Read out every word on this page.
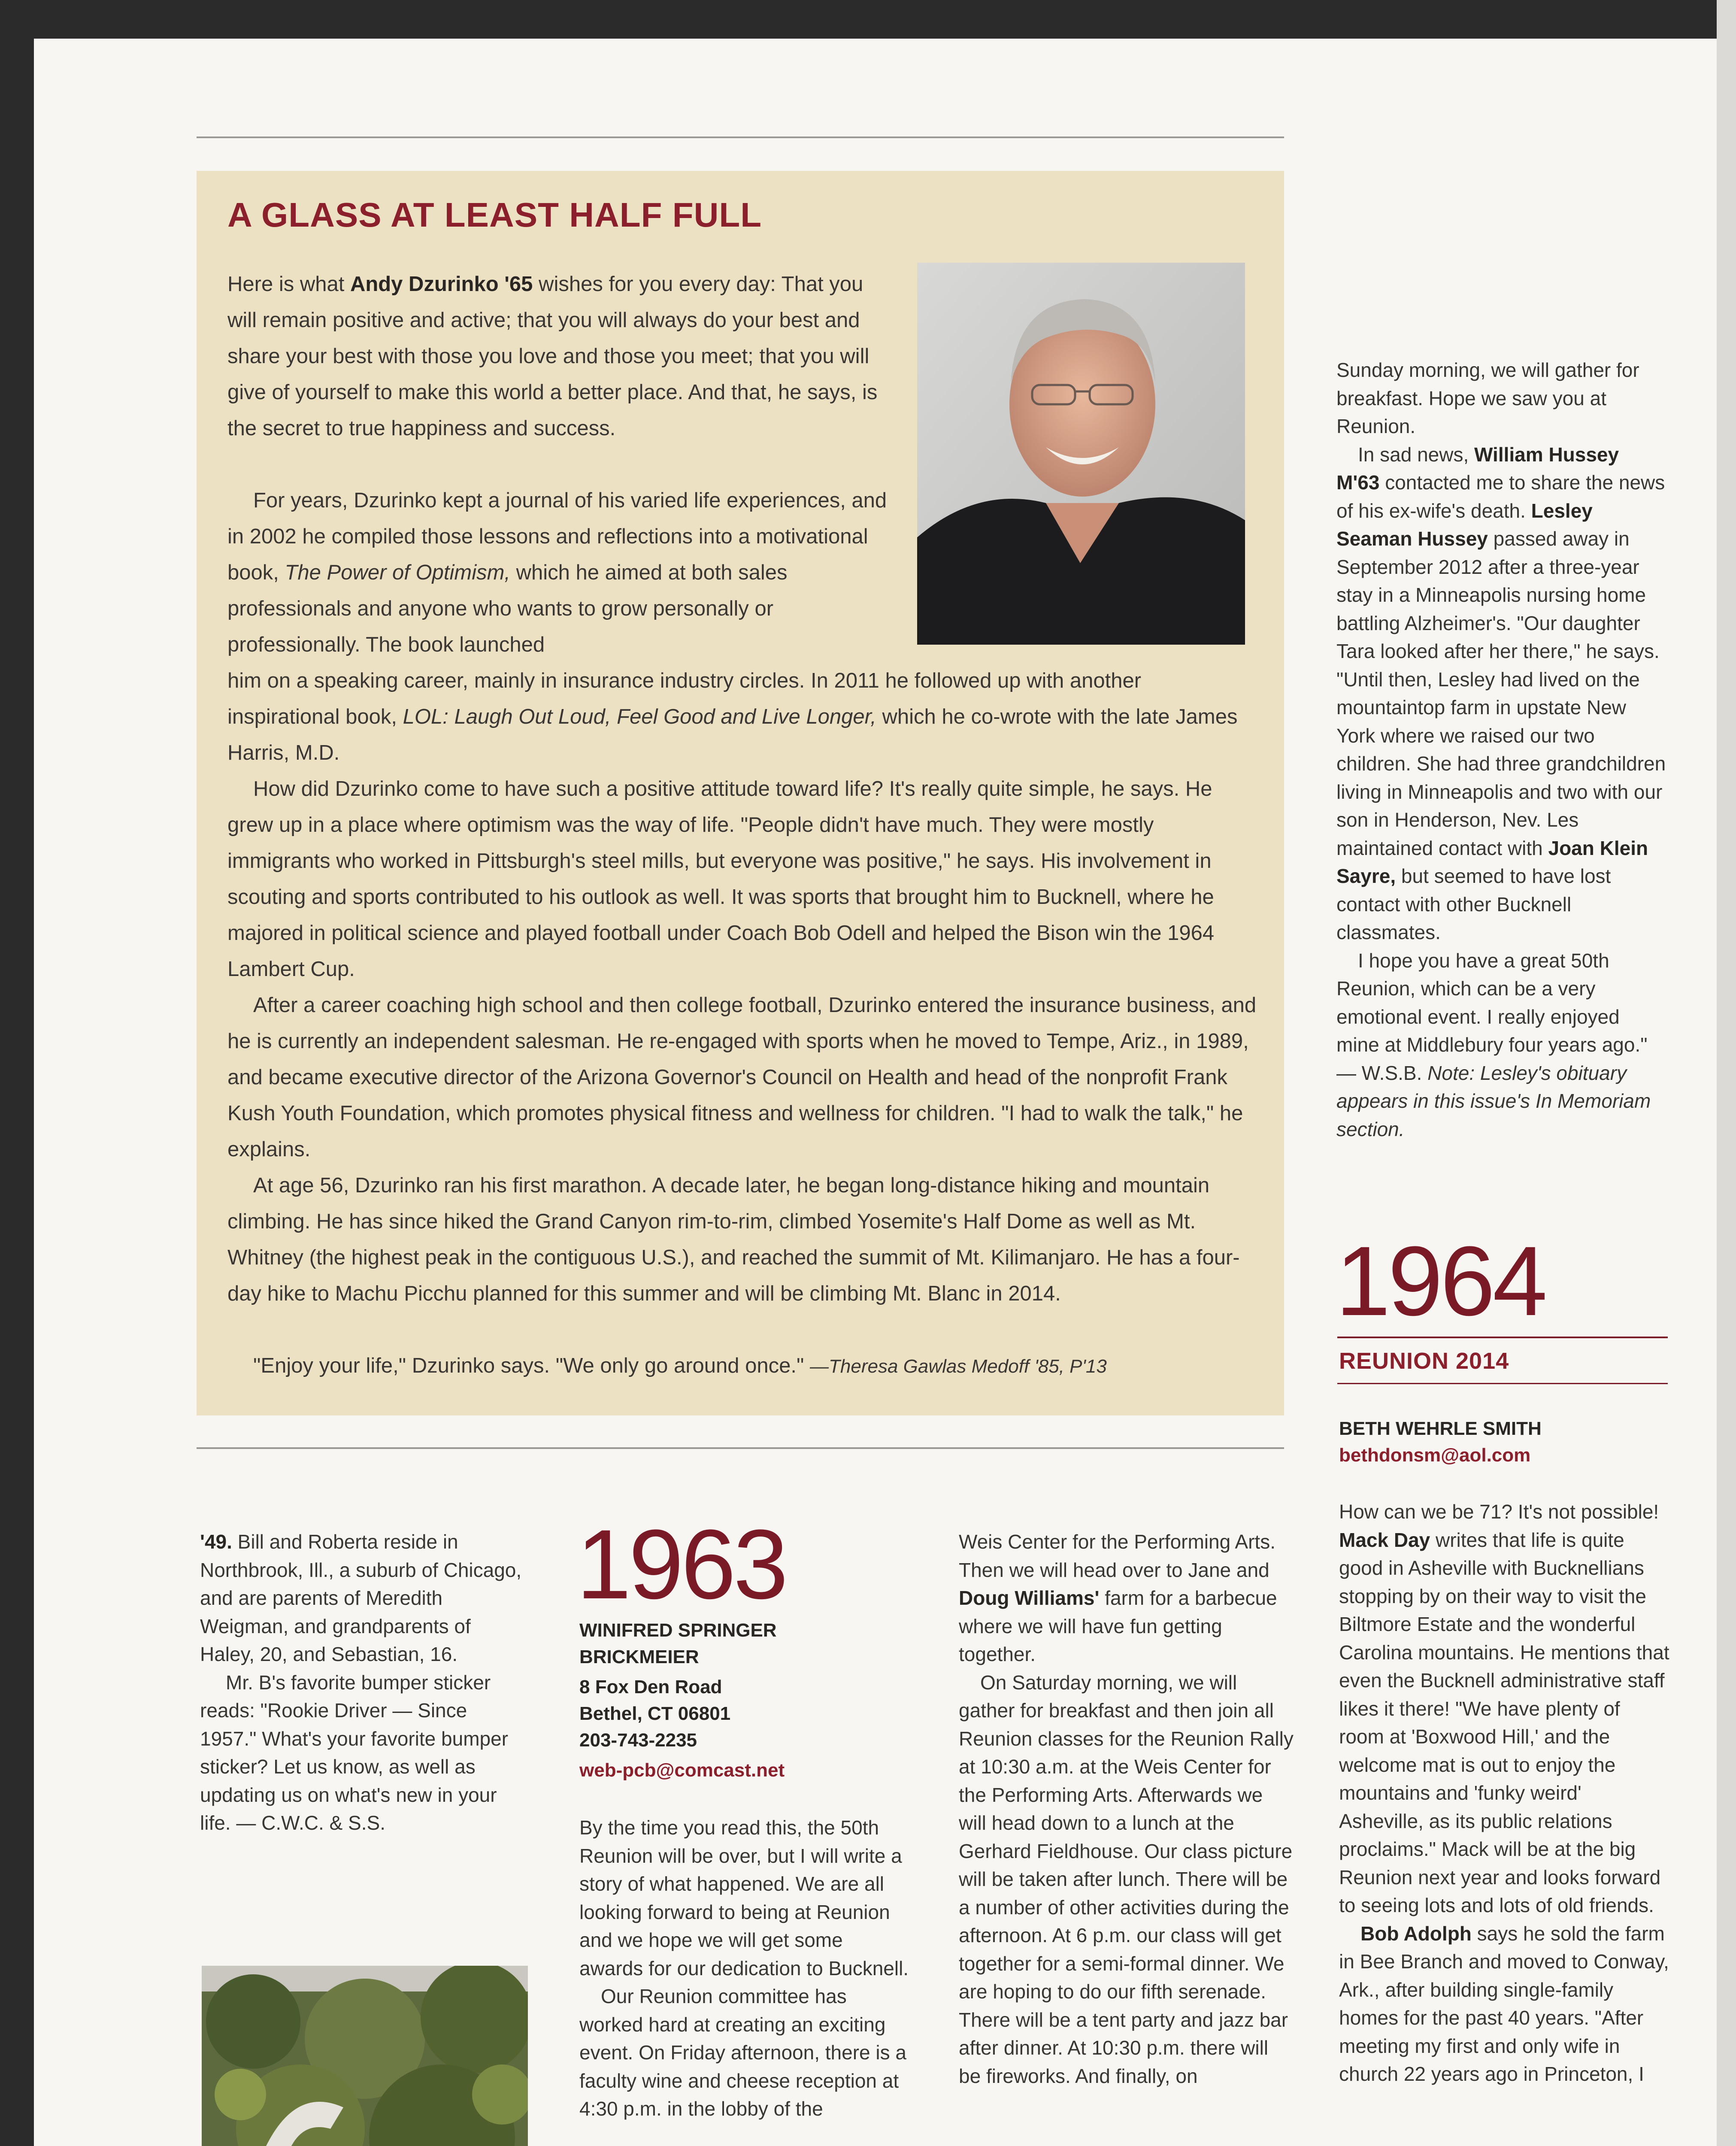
A GLASS AT LEAST HALF FULL

Here is what Andy Dzurinko '65 wishes for you every day: That you will remain positive and active; that you will always do your best and share your best with those you love and those you meet; that you will give of yourself to make this world a better place. And that, he says, is the secret to true happiness and success.

For years, Dzurinko kept a journal of his varied life experiences, and in 2002 he compiled those lessons and reflections into a motivational book, The Power of Optimism, which he aimed at both sales professionals and anyone who wants to grow personally or professionally. The book launched

him on a speaking career, mainly in insurance industry circles. In 2011 he followed up with another inspirational book, LOL: Laugh Out Loud, Feel Good and Live Longer, which he co-wrote with the late James Harris, M.D.

How did Dzurinko come to have such a positive attitude toward life? It's really quite simple, he says. He grew up in a place where optimism was the way of life. "People didn't have much. They were mostly immigrants who worked in Pittsburgh's steel mills, but everyone was positive," he says. His involvement in scouting and sports contributed to his outlook as well. It was sports that brought him to Bucknell, where he majored in political science and played football under Coach Bob Odell and helped the Bison win the 1964 Lambert Cup.

After a career coaching high school and then college football, Dzurinko entered the insurance business, and he is currently an independent salesman. He re-engaged with sports when he moved to Tempe, Ariz., in 1989, and became executive director of the Arizona Governor's Council on Health and head of the nonprofit Frank Kush Youth Foundation, which promotes physical fitness and wellness for children. "I had to walk the talk," he explains.

At age 56, Dzurinko ran his first marathon. A decade later, he began long-distance hiking and mountain climbing. He has since hiked the Grand Canyon rim-to-rim, climbed Yosemite's Half Dome as well as Mt. Whitney (the highest peak in the contiguous U.S.), and reached the summit of Mt. Kilimanjaro. He has a four-day hike to Machu Picchu planned for this summer and will be climbing Mt. Blanc in 2014.

"Enjoy your life," Dzurinko says. "We only go around once." —Theresa Gawlas Medoff '85, P'13

Sunday morning, we will gather for breakfast. Hope we saw you at Reunion.

In sad news, William Hussey M'63 contacted me to share the news of his ex-wife's death. Lesley Seaman Hussey passed away in September 2012 after a three-year stay in a Minneapolis nursing home battling Alzheimer's. "Our daughter Tara looked after her there," he says. "Until then, Lesley had lived on the mountaintop farm in upstate New York where we raised our two children. She had three grandchildren living in Minneapolis and two with our son in Henderson, Nev. Les maintained contact with Joan Klein Sayre, but seemed to have lost contact with other Bucknell classmates.

I hope you have a great 50th Reunion, which can be a very emotional event. I really enjoyed mine at Middlebury four years ago." — W.S.B. Note: Lesley's obituary appears in this issue's In Memoriam section.

1964
REUNION 2014
BETH WEHRLE SMITH
bethdonsm@aol.com

How can we be 71? It's not possible! Mack Day writes that life is quite good in Asheville with Bucknellians stopping by on their way to visit the Biltmore Estate and the wonderful Carolina mountains. He mentions that even the Bucknell administrative staff likes it there! "We have plenty of room at 'Boxwood Hill,' and the welcome mat is out to enjoy the mountains and 'funky weird' Asheville, as its public relations proclaims." Mack will be at the big Reunion next year and looks forward to seeing lots and lots of old friends.

Bob Adolph says he sold the farm in Bee Branch and moved to Conway, Ark., after building single-family homes for the past 40 years. "After meeting my first and only wife in church 22 years ago in Princeton, I

'49. Bill and Roberta reside in Northbrook, Ill., a suburb of Chicago, and are parents of Meredith Weigman, and grandparents of Haley, 20, and Sebastian, 16.

Mr. B's favorite bumper sticker reads: "Rookie Driver — Since 1957." What's your favorite bumper sticker? Let us know, as well as updating us on what's new in your life. — C.W.C. & S.S.

1963
WINIFRED SPRINGER
BRICKMEIER
8 Fox Den Road
Bethel, CT 06801
203-743-2235
web-pcb@comcast.net

By the time you read this, the 50th Reunion will be over, but I will write a story of what happened. We are all looking forward to being at Reunion and we hope we will get some awards for our dedication to Bucknell.

Our Reunion committee has worked hard at creating an exciting event. On Friday afternoon, there is a faculty wine and cheese reception at 4:30 p.m. in the lobby of the

Weis Center for the Performing Arts. Then we will head over to Jane and Doug Williams' farm for a barbecue where we will have fun getting together.

On Saturday morning, we will gather for breakfast and then join all Reunion classes for the Reunion Rally at 10:30 a.m. at the Weis Center for the Performing Arts. Afterwards we will head down to a lunch at the Gerhard Fieldhouse. Our class picture will be taken after lunch. There will be a number of other activities during the afternoon. At 6 p.m. our class will get together for a semi-formal dinner. We are hoping to do our fifth serenade. There will be a tent party and jazz bar after dinner. At 10:30 p.m. there will be fireworks. And finally, on
